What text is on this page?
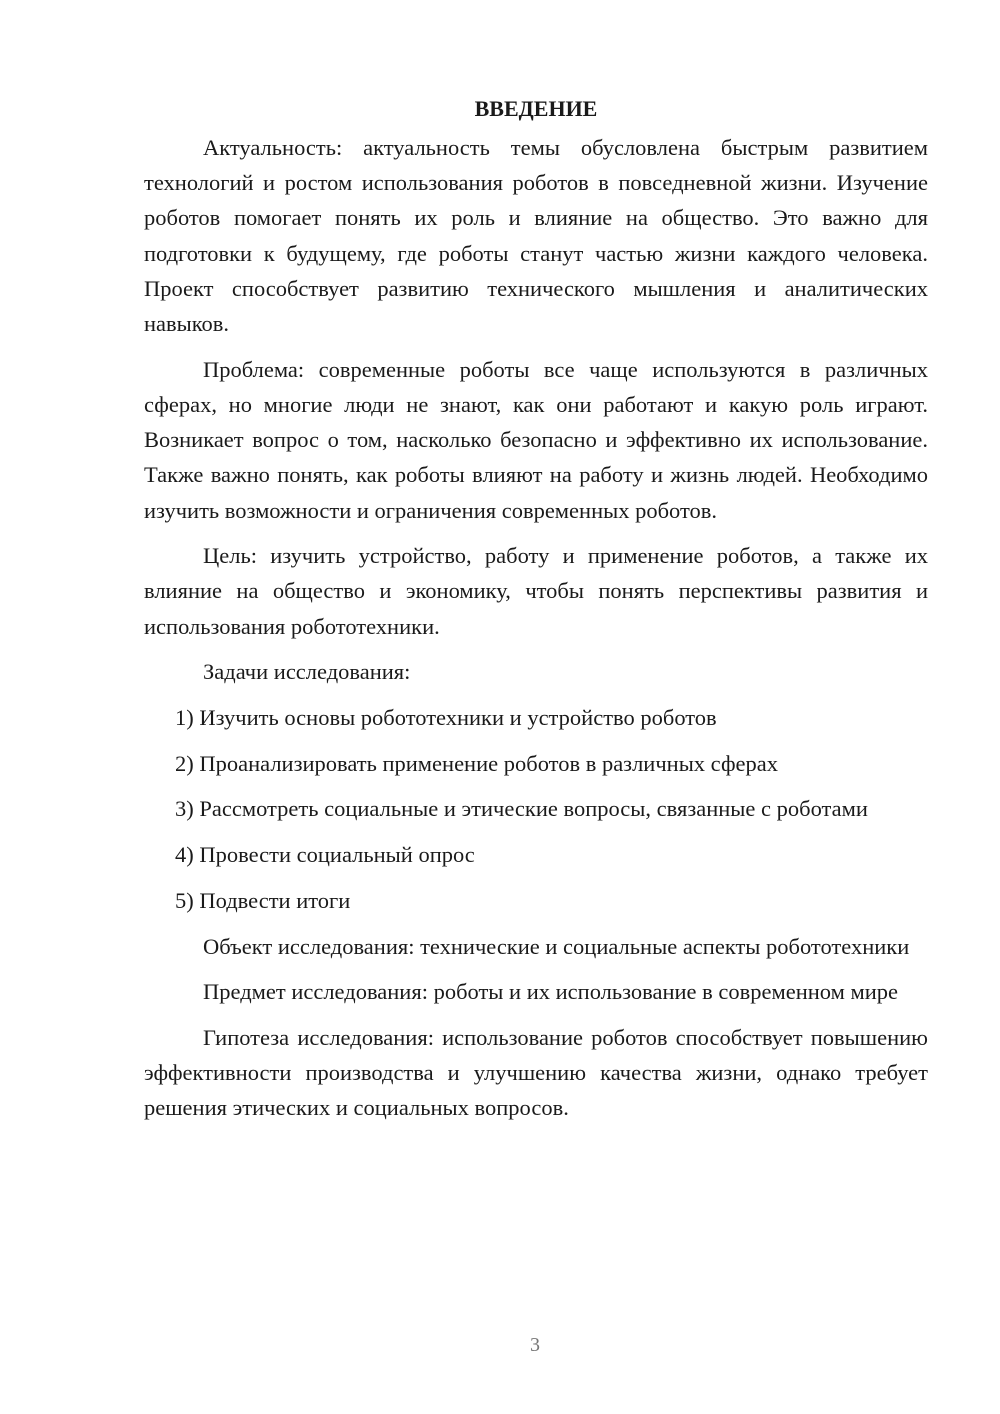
ВВЕДЕНИЕ

Актуальность: актуальность темы обусловлена быстрым развитием технологий и ростом использования роботов в повседневной жизни. Изучение роботов помогает понять их роль и влияние на общество. Это важно для подготовки к будущему, где роботы станут частью жизни каждого человека. Проект способствует развитию технического мышления и аналитических навыков.

Проблема: современные роботы все чаще используются в различных сферах, но многие люди не знают, как они работают и какую роль играют. Возникает вопрос о том, насколько безопасно и эффективно их использование. Также важно понять, как роботы влияют на работу и жизнь людей. Необходимо изучить возможности и ограничения современных роботов.

Цель: изучить устройство, работу и применение роботов, а также их влияние на общество и экономику, чтобы понять перспективы развития и использования робототехники.

Задачи исследования:

1) Изучить основы робототехники и устройство роботов

2) Проанализировать применение роботов в различных сферах

3) Рассмотреть социальные и этические вопросы, связанные с роботами

4) Провести социальный опрос

5) Подвести итоги

Объект исследования: технические и социальные аспекты робототехники

Предмет исследования: роботы и их использование в современном мире

Гипотеза исследования: использование роботов способствует повышению эффективности производства и улучшению качества жизни, однако требует решения этических и социальных вопросов.

3
